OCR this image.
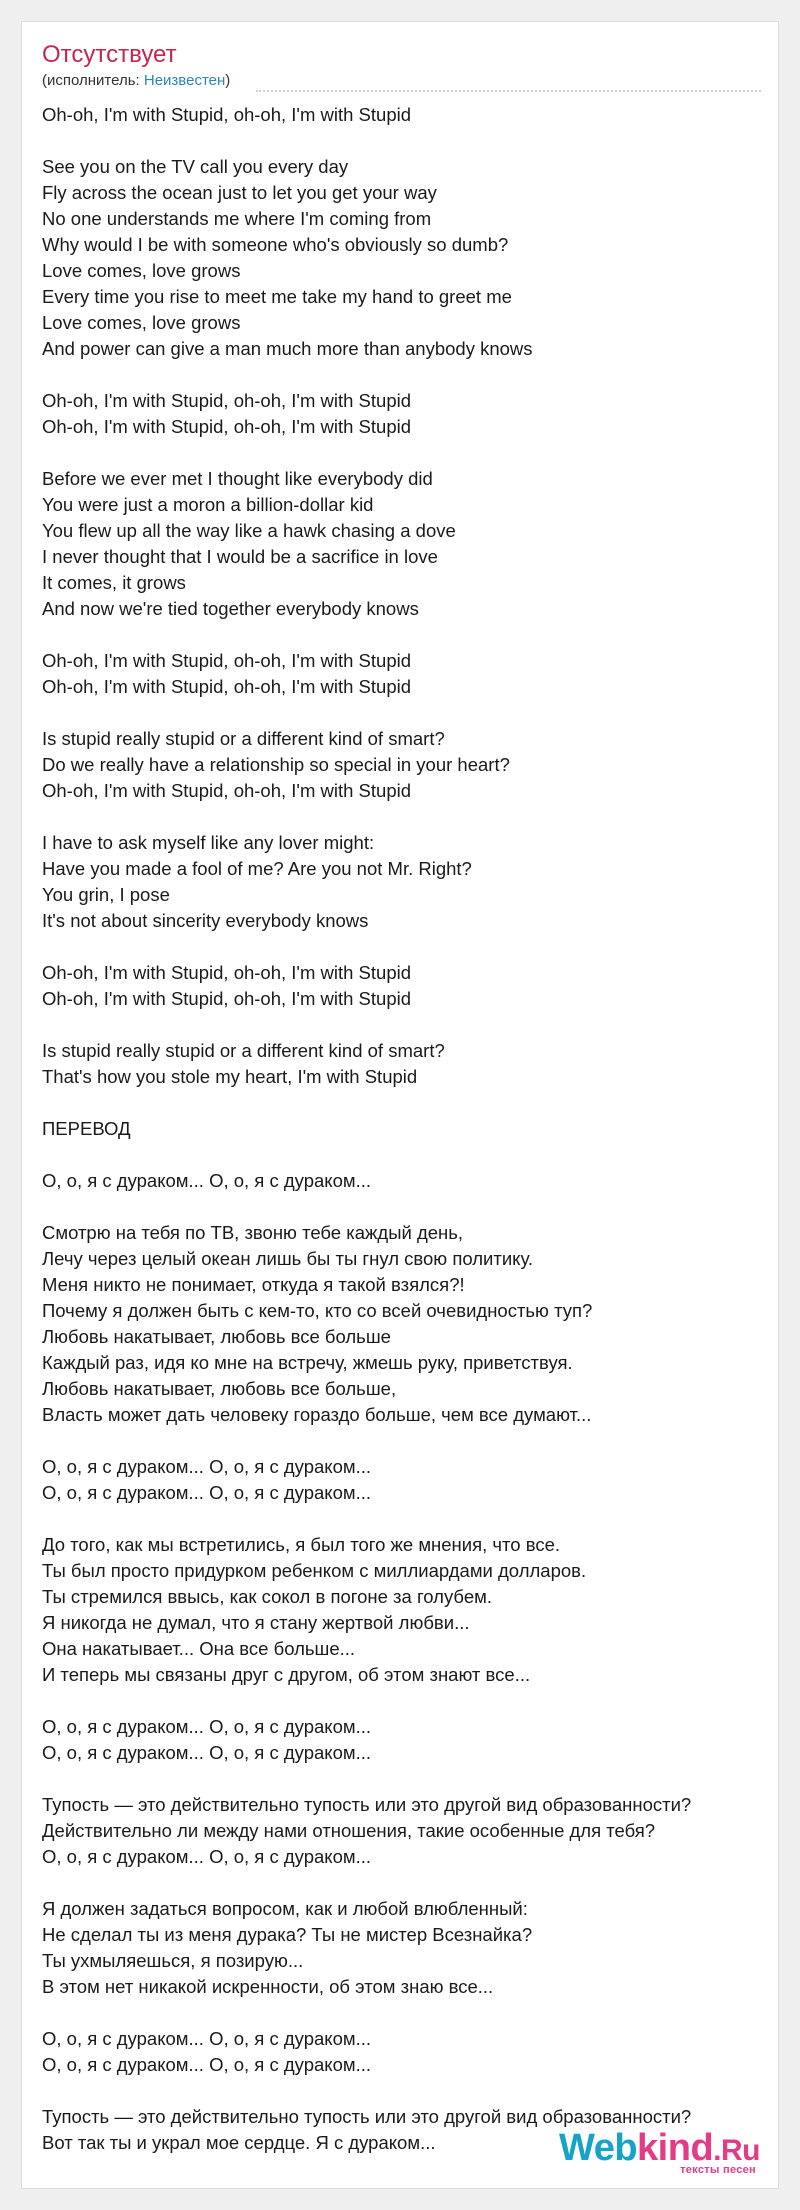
Отсутствует
(исполнитель: Неизвестен)
Oh-oh, I'm with Stupid, oh-oh, I'm with Stupid
See you on the TV call you every day
Fly across the ocean just to let you get your way
No one understands me where I'm coming from
Why would I be with someone who's obviously so dumb?
Love comes, love grows
Every time you rise to meet me take my hand to greet me
Love comes, love grows
And power can give a man much more than anybody knows
Oh-oh, I'm with Stupid, oh-oh, I'm with Stupid
Oh-oh, I'm with Stupid, oh-oh, I'm with Stupid
Before we ever met I thought like everybody did
You were just a moron a billion-dollar kid
You flew up all the way like a hawk chasing a dove
I never thought that I would be a sacrifice in love
It comes, it grows
And now we're tied together everybody knows
Oh-oh, I'm with Stupid, oh-oh, I'm with Stupid
Oh-oh, I'm with Stupid, oh-oh, I'm with Stupid
Is stupid really stupid or a different kind of smart?
Do we really have a relationship so special in your heart?
Oh-oh, I'm with Stupid, oh-oh, I'm with Stupid
I have to ask myself like any lover might:
Have you made a fool of me? Are you not Mr. Right?
You grin, I pose
It's not about sincerity everybody knows
Oh-oh, I'm with Stupid, oh-oh, I'm with Stupid
Oh-oh, I'm with Stupid, oh-oh, I'm with Stupid
Is stupid really stupid or a different kind of smart?
That's how you stole my heart, I'm with Stupid
ПЕРЕВОД
О, о, я с дураком... О, о, я с дураком...
Смотрю на тебя по ТВ, звоню тебе каждый день,
Лечу через целый океан лишь бы ты гнул свою политику.
Меня никто не понимает, откуда я такой взялся?!
Почему я должен быть с кем-то, кто со всей очевидностью туп?
Любовь накатывает, любовь все больше
Каждый раз, идя ко мне на встречу, жмешь руку, приветствуя.
Любовь накатывает, любовь все больше,
Власть может дать человеку гораздо больше, чем все думают...
О, о, я с дураком... О, о, я с дураком...
О, о, я с дураком... О, о, я с дураком...
До того, как мы встретились, я был того же мнения, что все.
Ты был просто придурком ребенком с миллиардами долларов.
Ты стремился ввысь, как сокол в погоне за голубем.
Я никогда не думал, что я стану жертвой любви...
Она накатывает... Она все больше...
И теперь мы связаны друг с другом, об этом знают все...
О, о, я с дураком... О, о, я с дураком...
О, о, я с дураком... О, о, я с дураком...
Тупость — это действительно тупость или это другой вид образованности?
Действительно ли между нами отношения, такие особенные для тебя?
О, о, я с дураком... О, о, я с дураком...
Я должен задаться вопросом, как и любой влюбленный:
Не сделал ты из меня дурака? Ты не мистер Всезнайка?
Ты ухмыляешься, я позирую...
В этом нет никакой искренности, об этом знаю все...
О, о, я с дураком... О, о, я с дураком...
О, о, я с дураком... О, о, я с дураком...
Тупость — это действительно тупость или это другой вид образованности?
Вот так ты и украл мое сердце. Я с дураком...	Webkind.Ru
тексты песен
